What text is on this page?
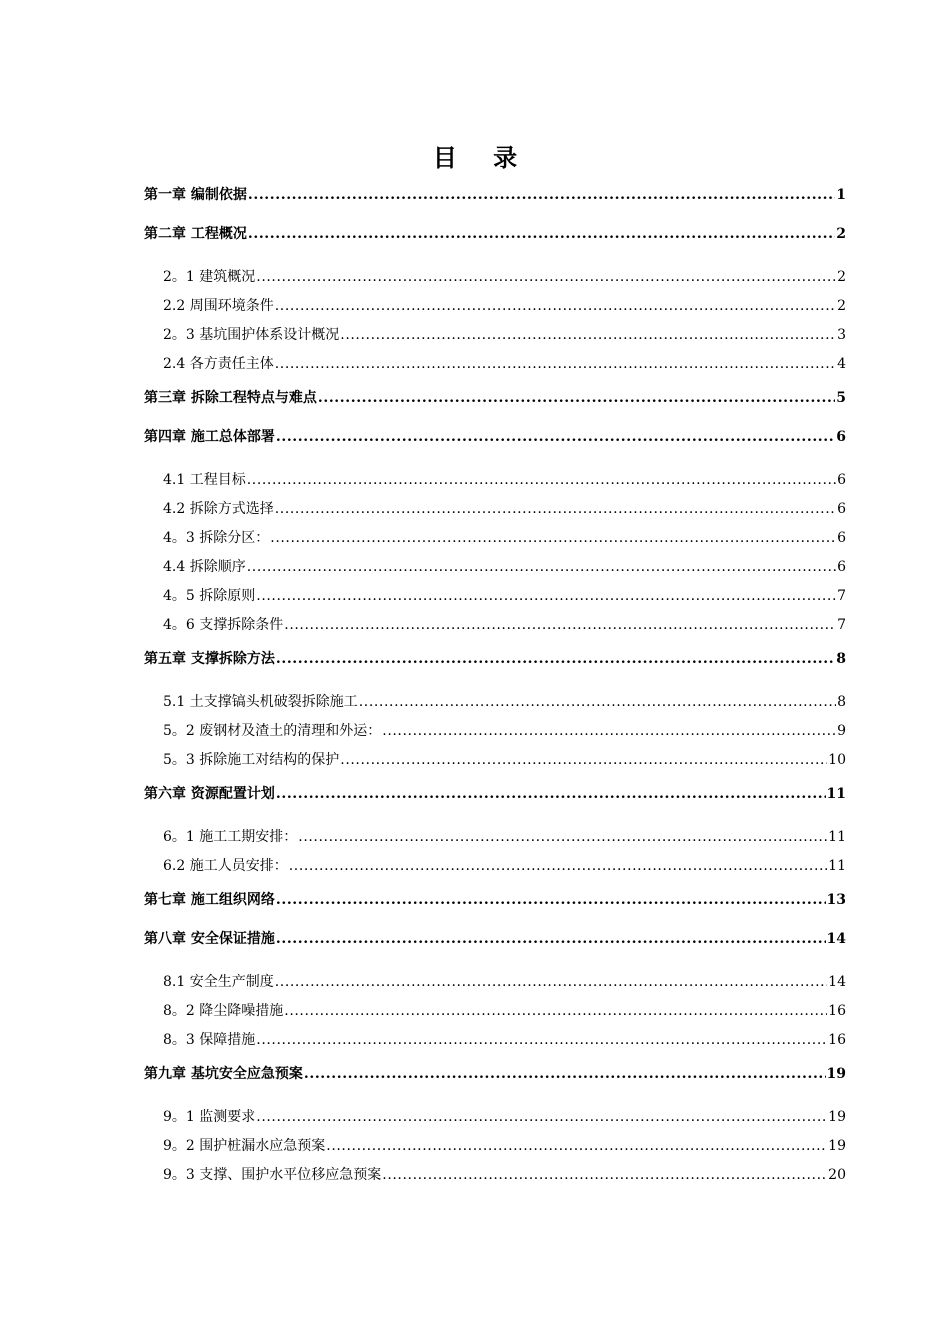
目 录
第一章 编制依据 .....	1
第二章 工程概况 .....	2
2。1 建筑概况 .....	2
2.2 周围环境条件 .....	2
2。3 基坑围护体系设计概况 .....	3
2.4 各方责任主体 .....	4
第三章 拆除工程特点与难点 .....	5
第四章 施工总体部署 .....	6
4.1 工程目标 .....	6
4.2 拆除方式选择 .....	6
4。3 拆除分区： .....	6
4.4 拆除顺序 .....	6
4。5 拆除原则 .....	7
4。6 支撑拆除条件 .....	7
第五章 支撑拆除方法 .....	8
5.1 土支撑镐头机破裂拆除施工 .....	8
5。2 废钢材及渣土的清理和外运： .....	9
5。3 拆除施工对结构的保护 .....	10
第六章 资源配置计划 .....	11
6。1 施工工期安排： .....	11
6.2 施工人员安排： .....	11
第七章 施工组织网络 .....	13
第八章 安全保证措施 .....	14
8.1 安全生产制度 .....	14
8。2 降尘降噪措施 .....	16
8。3 保障措施 .....	16
第九章 基坑安全应急预案 .....	19
9。1 监测要求 .....	19
9。2 围护桩漏水应急预案 .....	19
9。3 支撑、围护水平位移应急预案 .....	20
